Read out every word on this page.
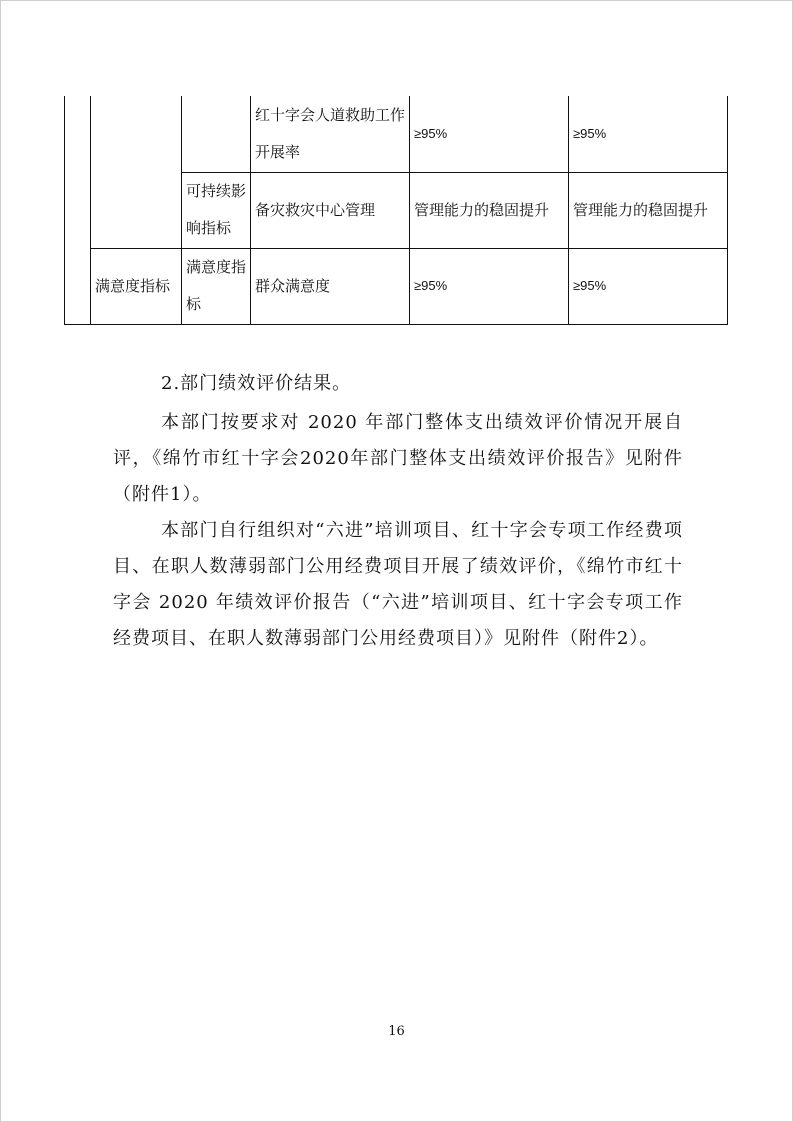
			红十字会人道救助工作开展率	≥95%	≥95%
		可持续影响指标	备灾救灾中心管理	管理能力的稳固提升	管理能力的稳固提升
	满意度指标	满意度指标	群众满意度	≥95%	≥95%

2.部门绩效评价结果。

本部门按要求对 2020 年部门整体支出绩效评价情况开展自评，《绵竹市红十字会2020年部门整体支出绩效评价报告》见附件（附件1）。

本部门自行组织对“六进”培训项目、红十字会专项工作经费项目、在职人数薄弱部门公用经费项目开展了绩效评价，《绵竹市红十字会 2020 年绩效评价报告（“六进”培训项目、红十字会专项工作经费项目、在职人数薄弱部门公用经费项目）》见附件（附件2）。

16
